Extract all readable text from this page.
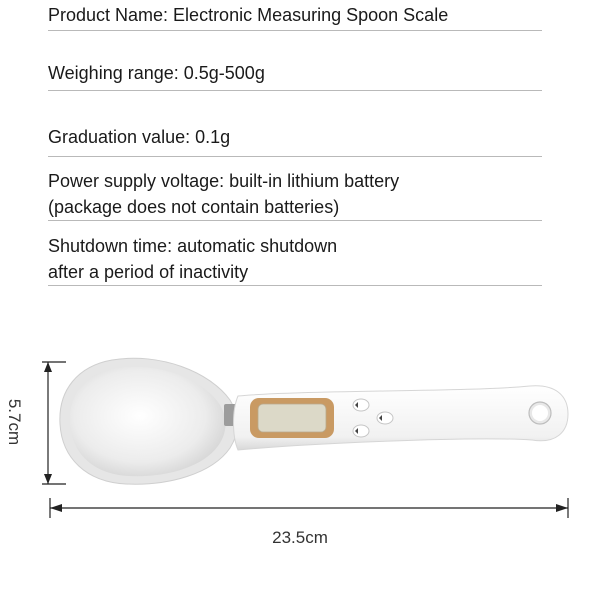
Product Name: Electronic Measuring Spoon Scale
Weighing range: 0.5g-500g
Graduation value: 0.1g
Power supply voltage: built-in lithium battery
(package does not contain batteries)
Shutdown time: automatic shutdown
after a period of inactivity
23.5cm
5.7cm
